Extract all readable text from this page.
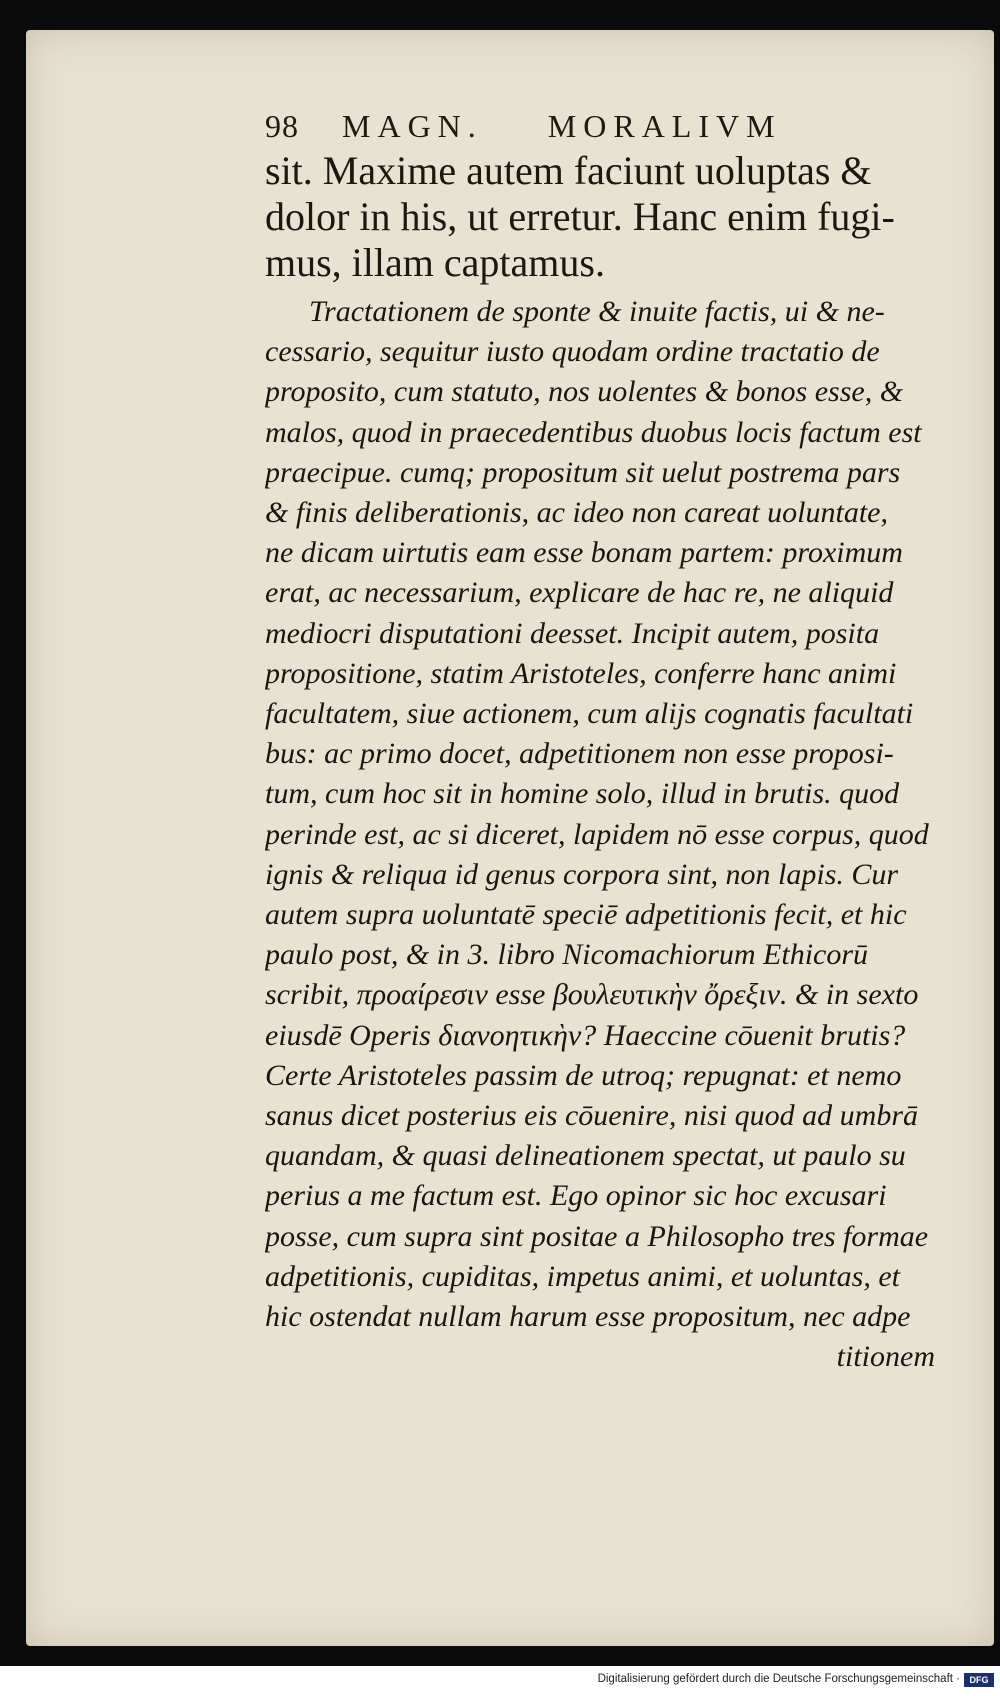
98 MAGN. MORALIVM
sit. Maxime autem faciunt uoluptas &
dolor in his, ut erretur. Hanc enim fugi-
mus, illam captamus.
Tractationem de sponte & inuite factis, ui & ne-
cessario, sequitur iusto quodam ordine tractatio de
proposito, cum statuto, nos uolentes & bonos esse, &
malos, quod in praecedentibus duobus locis factum est
praecipue. cumq; propositum sit uelut postrema pars
& finis deliberationis, ac ideo non careat uoluntate,
ne dicam uirtutis eam esse bonam partem: proximum
erat, ac necessarium, explicare de hac re, ne aliquid
mediocri disputationi deesset. Incipit autem, posita
propositione, statim Aristoteles, conferre hanc animi
facultatem, siue actionem, cum alijs cognatis facultati
bus: ac primo docet, adpetitionem non esse proposi-
tum, cum hoc sit in homine solo, illud in brutis. quod
perinde est, ac si diceret, lapidem nō esse corpus, quod
ignis & reliqua id genus corpora sint, non lapis. Cur
autem supra uoluntatē speciē adpetitionis fecit, et hic
paulo post, & in 3. libro Nicomachiorum Ethicorū
scribit, προαίρεσιν esse βουλευτικὴν ὄρεξιν. & in sexto
eiusdē Operis διανοητικὴν? Haeccine cōuenit brutis?
Certe Aristoteles passim de utroq; repugnat: et nemo
sanus dicet posterius eis cōuenire, nisi quod ad umbrā
quandam, & quasi delineationem spectat, ut paulo su
perius a me factum est. Ego opinor sic hoc excusari
posse, cum supra sint positae a Philosopho tres formae
adpetitionis, cupiditas, impetus animi, et uoluntas, et
hic ostendat nullam harum esse propositum, nec adpe
titionem
Digitalisierung gefördert durch die Deutsche Forschungsgemeinschaft ·	DFG
